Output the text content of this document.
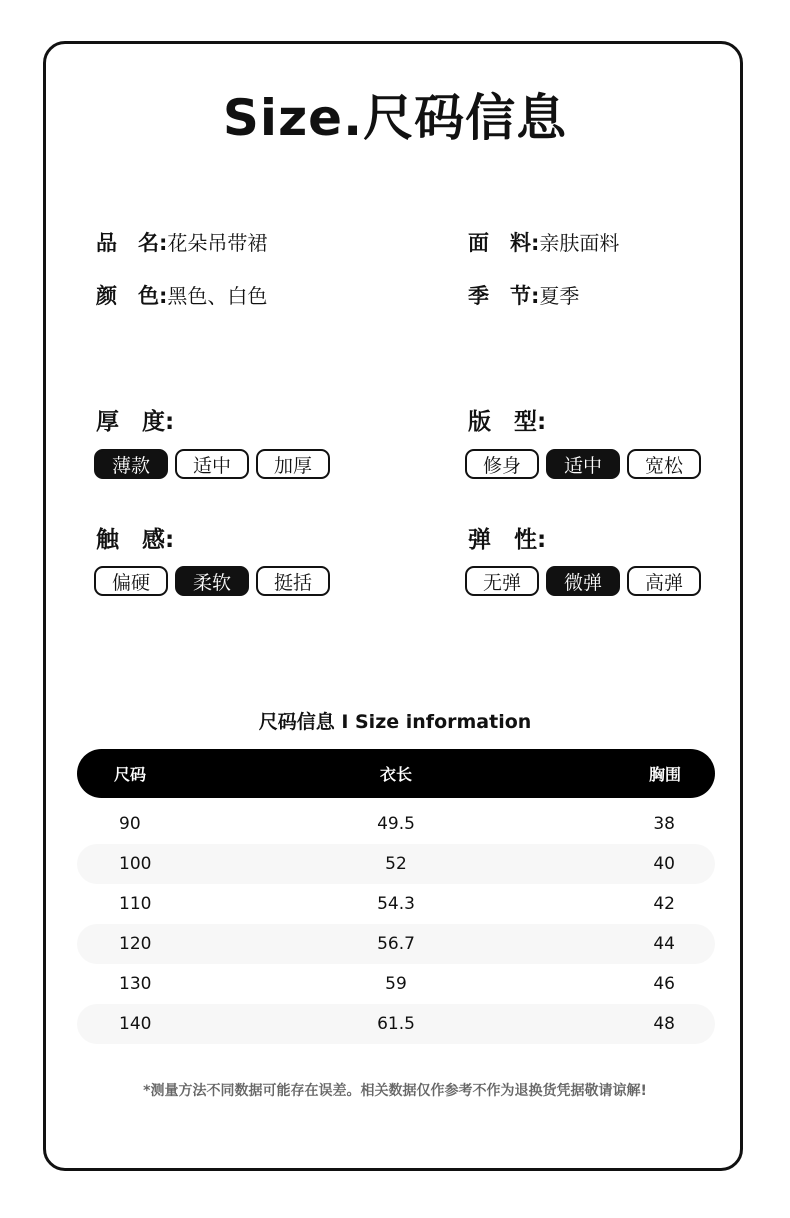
Size.尺码信息
品　名:花朵吊带裙	面　料:亲肤面料
颜　色:黑色、白色	季　节:夏季
厚　度:
薄款	适中	加厚
版　型:
修身	适中	宽松
触　感:
偏硬	柔软	挺括
弹　性:
无弹	微弹	高弹
尺码信息 I Size information
尺码	衣长	胸围
90	49.5	38
100	52	40
110	54.3	42
120	56.7	44
130	59	46
140	61.5	48
*测量方法不同数据可能存在误差。相关数据仅作参考不作为退换货凭据敬请谅解!
